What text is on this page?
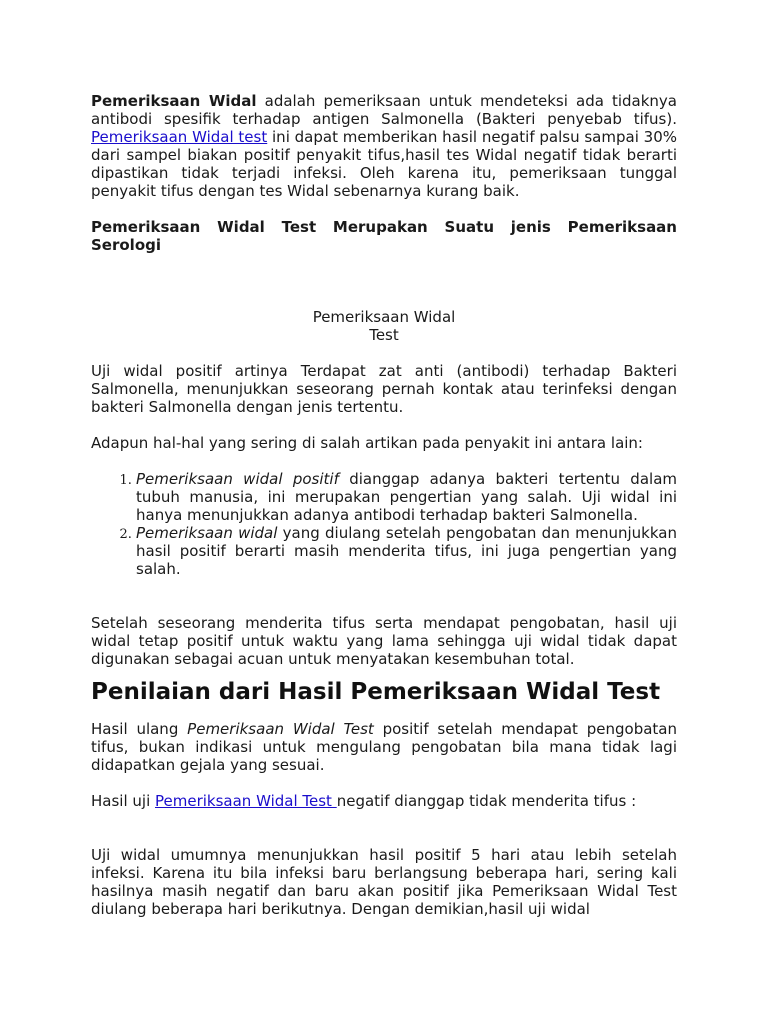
Pemeriksaan Widal adalah pemeriksaan untuk mendeteksi ada tidaknya antibodi spesifik terhadap antigen Salmonella (Bakteri penyebab tifus). Pemeriksaan Widal test ini dapat memberikan hasil negatif palsu sampai 30% dari sampel biakan positif penyakit tifus,hasil tes Widal negatif tidak berarti dipastikan tidak terjadi infeksi. Oleh karena itu, pemeriksaan tunggal penyakit tifus dengan tes Widal sebenarnya kurang baik.

Pemeriksaan Widal Test Merupakan Suatu jenis Pemeriksaan Serologi

Pemeriksaan Widal Test

Uji widal positif artinya Terdapat zat anti (antibodi) terhadap Bakteri Salmonella, menunjukkan seseorang pernah kontak atau terinfeksi dengan bakteri Salmonella dengan jenis tertentu.

Adapun hal-hal yang sering di salah artikan pada penyakit ini antara lain:

1. Pemeriksaan widal positif dianggap adanya bakteri tertentu dalam tubuh manusia, ini merupakan pengertian yang salah. Uji widal ini hanya menunjukkan adanya antibodi terhadap bakteri Salmonella.
2. Pemeriksaan widal yang diulang setelah pengobatan dan menunjukkan hasil positif berarti masih menderita tifus, ini juga pengertian yang salah.

Setelah seseorang menderita tifus serta mendapat pengobatan, hasil uji widal tetap positif untuk waktu yang lama sehingga uji widal tidak dapat digunakan sebagai acuan untuk menyatakan kesembuhan total.

Penilaian dari Hasil Pemeriksaan Widal Test

Hasil ulang Pemeriksaan Widal Test positif setelah mendapat pengobatan tifus, bukan indikasi untuk mengulang pengobatan bila mana tidak lagi didapatkan gejala yang sesuai.

Hasil uji Pemeriksaan Widal Test negatif dianggap tidak menderita tifus :

Uji widal umumnya menunjukkan hasil positif 5 hari atau lebih setelah infeksi. Karena itu bila infeksi baru berlangsung beberapa hari, sering kali hasilnya masih negatif dan baru akan positif jika Pemeriksaan Widal Test diulang beberapa hari berikutnya. Dengan demikian,hasil uji widal
